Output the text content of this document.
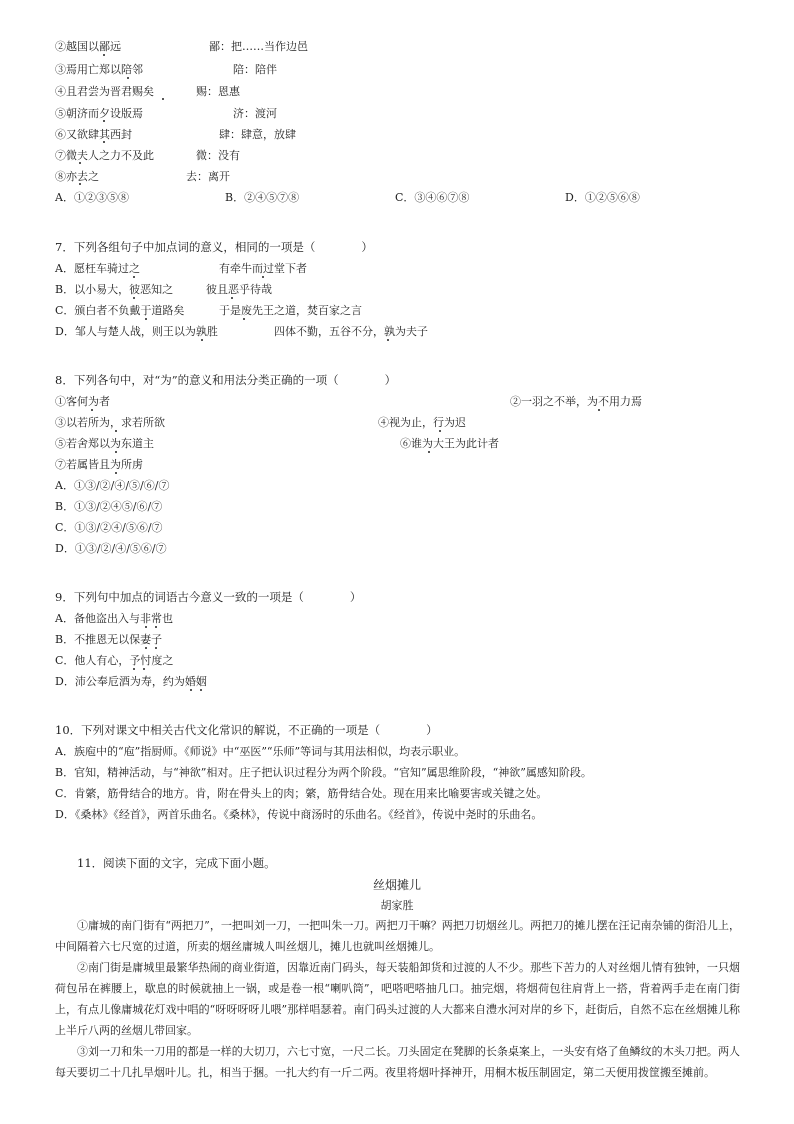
②越国以鄙远	鄙：把……当作边邑
③焉用亡郑以陪邻	陪：陪伴
④且君尝为晋君赐矣	赐：恩惠
⑤朝济而夕设版焉	济：渡河
⑥又欲肆其西封	肆：肆意，放肆
⑦微夫人之力不及此	微：没有
⑧亦去之	去：离开
A．①②③⑤⑧	B．②④⑤⑦⑧	C．③④⑥⑦⑧	D．①②⑤⑥⑧
7．下列各组句子中加点词的意义，相同的一项是（　　　　）
A．愿枉车骑过之	有牵牛而过堂下者
B．以小易大，彼恶知之	彼且恶乎待哉
C．颁白者不负戴于道路矣	于是废先王之道，焚百家之言
D．邹人与楚人战，则王以为孰胜	四体不勤，五谷不分，孰为夫子
8．下列各句中，对“为”的意义和用法分类正确的一项（　　　　）
①客何为者	②一羽之不举，为不用力焉
③以若所为，求若所欲	④视为止，行为迟
⑤若舍郑以为东道主	⑥谁为大王为此计者
⑦若属皆且为所虏
A．①③/②/④/⑤/⑥/⑦
B．①③/②④⑤/⑥/⑦
C．①③/②④/⑤⑥/⑦
D．①③/②/④/⑤⑥/⑦
9．下列句中加点的词语古今意义一致的一项是（　　　　）
A．备他盗出入与非常也
B．不推恩无以保妻子
C．他人有心，予忖度之
D．沛公奉卮酒为寿，约为婚姻
10．下列对课文中相关古代文化常识的解说，不正确的一项是（　　　　）
A．族庖中的“庖”指厨师。《师说》中“巫医”“乐师”等词与其用法相似，均表示职业。
B．官知，精神活动，与“神欲”相对。庄子把认识过程分为两个阶段。“官知”属思维阶段，“神欲”属感知阶段。
C．肯綮，筋骨结合的地方。肯，附在骨头上的肉；綮，筋骨结合处。现在用来比喻要害或关键之处。
D．《桑林》《经首》，两首乐曲名。《桑林》，传说中商汤时的乐曲名。《经首》，传说中尧时的乐曲名。
11．阅读下面的文字，完成下面小题。
丝烟摊儿
胡家胜
①庸城的南门街有“两把刀”，一把叫刘一刀，一把叫朱一刀。两把刀干嘛？两把刀切烟丝儿。两把刀的摊儿摆在汪记南杂铺的街沿儿上，中间隔着六七尺宽的过道，所卖的烟丝庸城人叫丝烟儿，摊儿也就叫丝烟摊儿。
②南门街是庸城里最繁华热闹的商业街道，因靠近南门码头，每天装船卸货和过渡的人不少。那些下苦力的人对丝烟儿情有独钟，一只烟荷包吊在裤腰上，歇息的时候就抽上一锅，或是卷一根“喇叭筒”，吧嗒吧嗒抽几口。抽完烟，将烟荷包往肩背上一搭，背着两手走在南门街上，有点儿像庸城花灯戏中唱的“呀呀呀呀儿喂”那样唱瑟着。南门码头过渡的人大都来自澧水河对岸的乡下，赶街后，自然不忘在丝烟摊儿称上半斤八两的丝烟儿带回家。
③刘一刀和朱一刀用的都是一样的大切刀，六七寸宽，一尺二长。刀头固定在凳脚的长条桌案上，一头安有烙了鱼鳞纹的木头刀把。两人每天要切二十几扎旱烟叶儿。扎，相当于捆。一扎大约有一斤二两。夜里将烟叶择神开，用桐木板压制固定，第二天便用拨筐搬至摊前。
